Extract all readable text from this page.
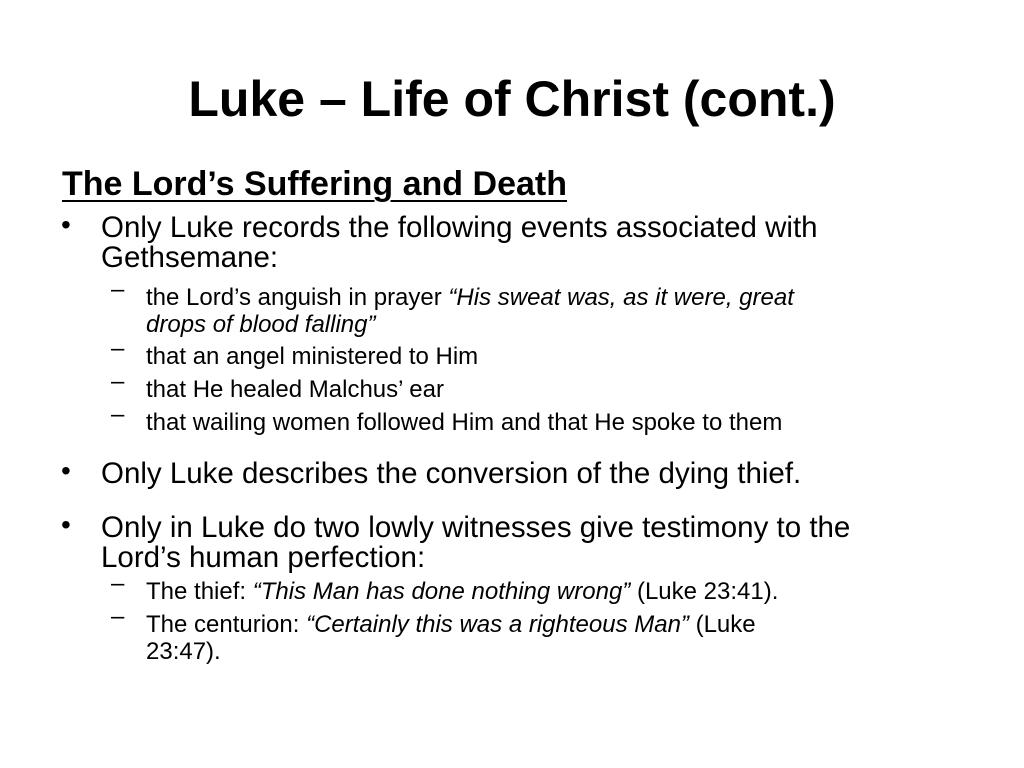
Luke – Life of Christ (cont.)
The Lord’s Suffering and Death
• Only Luke records the following events associated with
Gethsemane:
– the Lord’s anguish in prayer “His sweat was, as it were, great
drops of blood falling”
– that an angel ministered to Him
– that He healed Malchus’ ear
– that wailing women followed Him and that He spoke to them
• Only Luke describes the conversion of the dying thief.
• Only in Luke do two lowly witnesses give testimony to the
Lord’s human perfection:
– The thief: “This Man has done nothing wrong” (Luke 23:41).
– The centurion: “Certainly this was a righteous Man” (Luke
23:47).
